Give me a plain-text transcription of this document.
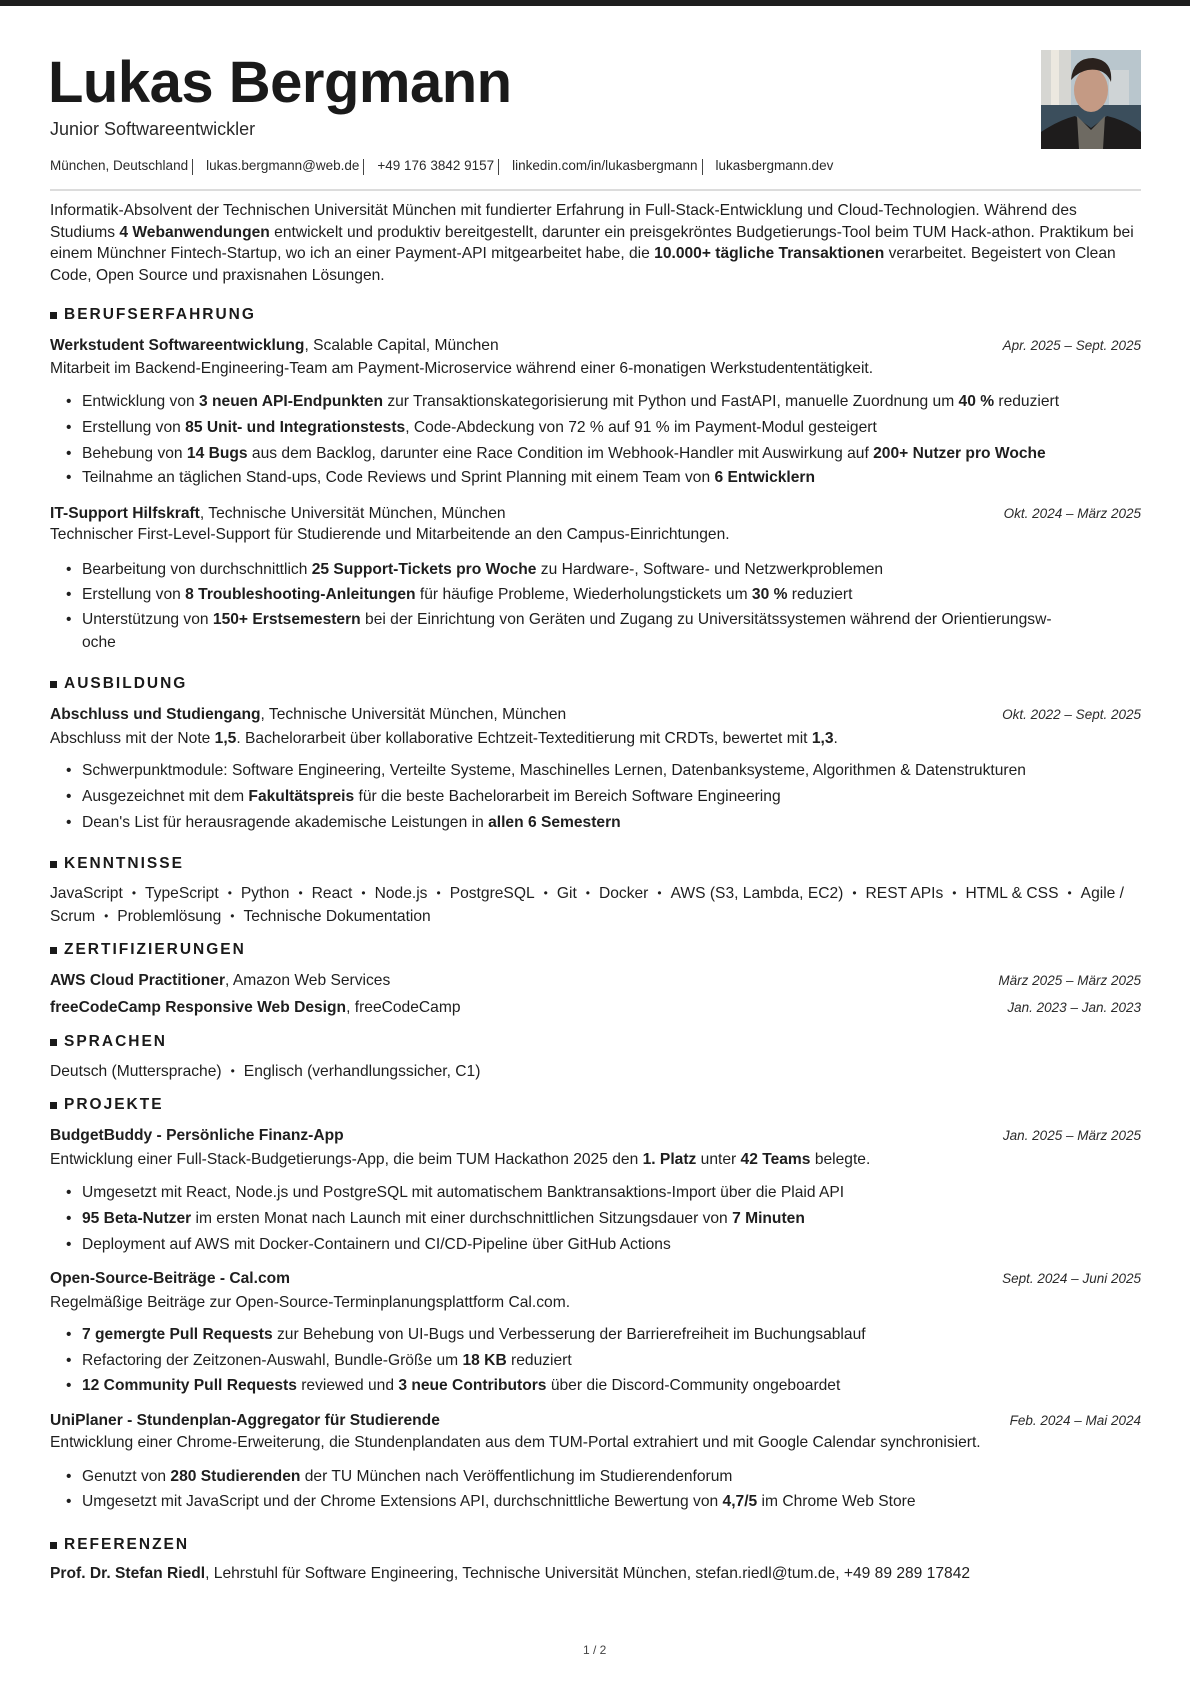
Lukas Bergmann
Junior Softwareentwickler
München, Deutschland lukas.bergmann@web.de +49 176 3842 9157 linkedin.com/in/lukasbergmann lukasbergmann.dev
Informatik-Absolvent der Technischen Universität München mit fundierter Erfahrung in Full-Stack-Entwicklung und Cloud-Technologien. Während des Studiums 4 Webanwendungen entwickelt und produktiv bereitgestellt, darunter ein preisgekröntes Budgetierungs-Tool beim TUM Hack-athon. Praktikum bei einem Münchner Fintech-Startup, wo ich an einer Payment-API mitgearbeitet habe, die 10.000+ tägliche Transaktionen verarbeitet. Begeistert von Clean Code, Open Source und praxisnahen Lösungen.
BERUFSERFAHRUNG
Werkstudent Softwareentwicklung, Scalable Capital, München	Apr. 2025 – Sept. 2025
Mitarbeit im Backend-Engineering-Team am Payment-Microservice während einer 6-monatigen Werkstudententätigkeit.
• Entwicklung von 3 neuen API-Endpunkten zur Transaktionskategorisierung mit Python und FastAPI, manuelle Zuordnung um 40 % reduziert
• Erstellung von 85 Unit- und Integrationstests, Code-Abdeckung von 72 % auf 91 % im Payment-Modul gesteigert
• Behebung von 14 Bugs aus dem Backlog, darunter eine Race Condition im Webhook-Handler mit Auswirkung auf 200+ Nutzer pro Woche
• Teilnahme an täglichen Stand-ups, Code Reviews und Sprint Planning mit einem Team von 6 Entwicklern
IT-Support Hilfskraft, Technische Universität München, München	Okt. 2024 – März 2025
Technischer First-Level-Support für Studierende und Mitarbeitende an den Campus-Einrichtungen.
• Bearbeitung von durchschnittlich 25 Support-Tickets pro Woche zu Hardware-, Software- und Netzwerkproblemen
• Erstellung von 8 Troubleshooting-Anleitungen für häufige Probleme, Wiederholungstickets um 30 % reduziert
• Unterstützung von 150+ Erstsemestern bei der Einrichtung von Geräten und Zugang zu Universitätssystemen während der Orientierungsw-
oche
AUSBILDUNG
Abschluss und Studiengang, Technische Universität München, München	Okt. 2022 – Sept. 2025
Abschluss mit der Note 1,5. Bachelorarbeit über kollaborative Echtzeit-Texteditierung mit CRDTs, bewertet mit 1,3.
• Schwerpunktmodule: Software Engineering, Verteilte Systeme, Maschinelles Lernen, Datenbanksysteme, Algorithmen & Datenstrukturen
• Ausgezeichnet mit dem Fakultätspreis für die beste Bachelorarbeit im Bereich Software Engineering
• Dean's List für herausragende akademische Leistungen in allen 6 Semestern
KENNTNISSE
JavaScript • TypeScript • Python • React • Node.js • PostgreSQL • Git • Docker • AWS (S3, Lambda, EC2) • REST APIs • HTML & CSS • Agile / Scrum • Problemlösung • Technische Dokumentation
ZERTIFIZIERUNGEN
AWS Cloud Practitioner, Amazon Web Services	März 2025 – März 2025
freeCodeCamp Responsive Web Design, freeCodeCamp	Jan. 2023 – Jan. 2023
SPRACHEN
Deutsch (Muttersprache) • Englisch (verhandlungssicher, C1)
PROJEKTE
BudgetBuddy - Persönliche Finanz-App	Jan. 2025 – März 2025
Entwicklung einer Full-Stack-Budgetierungs-App, die beim TUM Hackathon 2025 den 1. Platz unter 42 Teams belegte.
• Umgesetzt mit React, Node.js und PostgreSQL mit automatischem Banktransaktions-Import über die Plaid API
• 95 Beta-Nutzer im ersten Monat nach Launch mit einer durchschnittlichen Sitzungsdauer von 7 Minuten
• Deployment auf AWS mit Docker-Containern und CI/CD-Pipeline über GitHub Actions
Open-Source-Beiträge - Cal.com	Sept. 2024 – Juni 2025
Regelmäßige Beiträge zur Open-Source-Terminplanungsplattform Cal.com.
• 7 gemergte Pull Requests zur Behebung von UI-Bugs und Verbesserung der Barrierefreiheit im Buchungsablauf
• Refactoring der Zeitzonen-Auswahl, Bundle-Größe um 18 KB reduziert
• 12 Community Pull Requests reviewed und 3 neue Contributors über die Discord-Community ongeboardet
UniPlaner - Stundenplan-Aggregator für Studierende	Feb. 2024 – Mai 2024
Entwicklung einer Chrome-Erweiterung, die Stundenplandaten aus dem TUM-Portal extrahiert und mit Google Calendar synchronisiert.
• Genutzt von 280 Studierenden der TU München nach Veröffentlichung im Studierendenforum
• Umgesetzt mit JavaScript und der Chrome Extensions API, durchschnittliche Bewertung von 4,7/5 im Chrome Web Store
REFERENZEN
Prof. Dr. Stefan Riedl, Lehrstuhl für Software Engineering, Technische Universität München, stefan.riedl@tum.de, +49 89 289 17842
1 / 2
